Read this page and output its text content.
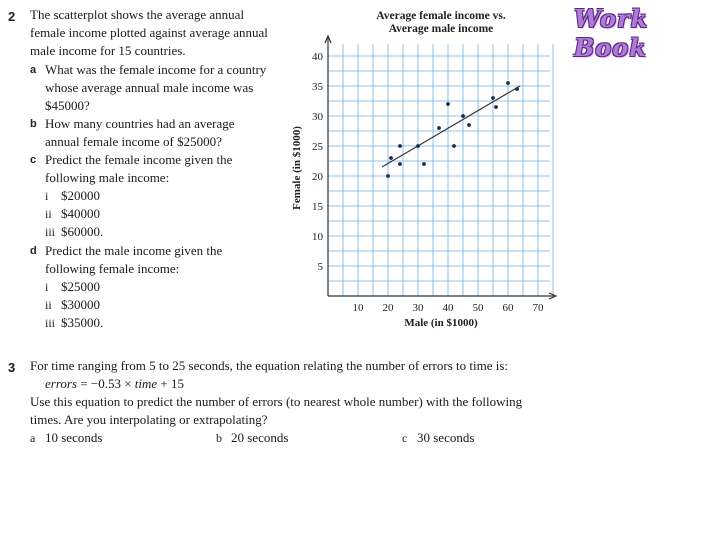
WorkBook
2 The scatterplot shows the average annual
female income plotted against average annual
male income for 15 countries.
a What was the female income for a country
whose average annual male income was
$45000?
b How many countries had an average
annual female income of $25000?
c Predict the female income given the
following male income:
i $20000
ii $40000
iii $60000.
d Predict the male income given the
following female income:
i $25000
ii $30000
iii $35000.
Average female income vs.
Average male income
10 20 30 40 50 60 70
5
10
15
20
25
30
35
40
Male (in $1000)
Female (in $1000)
3 For time ranging from 5 to 25 seconds, the equation relating the number of errors to time is:
errors = −0.53 × time + 15
Use this equation to predict the number of errors (to nearest whole number) with the following
times. Are you interpolating or extrapolating?
a 10 seconds	b 20 seconds	c 30 seconds
